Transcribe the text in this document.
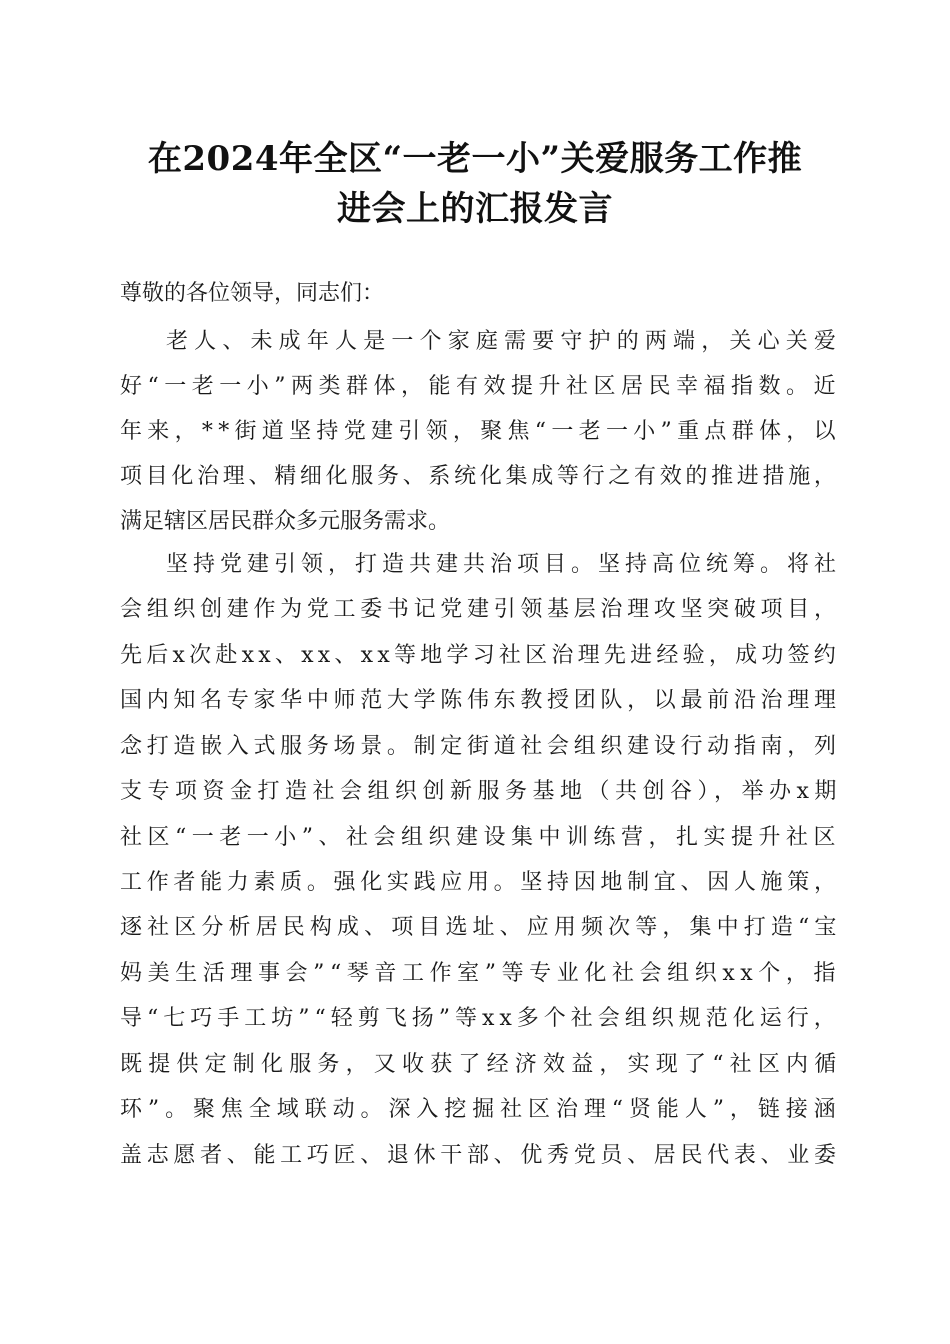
在2024年全区“一老一小”关爱服务工作推
进会上的汇报发言
尊敬的各位领导，同志们：
老人、未成年人是一个家庭需要守护的两端，关心关爱
好“一老一小”两类群体，能有效提升社区居民幸福指数。近
年来，**街道坚持党建引领，聚焦“一老一小”重点群体，以
项目化治理、精细化服务、系统化集成等行之有效的推进措施，
满足辖区居民群众多元服务需求。
坚持党建引领，打造共建共治项目。坚持高位统筹。将社
会组织创建作为党工委书记党建引领基层治理攻坚突破项目，
先后x次赴xx、xx、xx等地学习社区治理先进经验，成功签约
国内知名专家华中师范大学陈伟东教授团队，以最前沿治理理
念打造嵌入式服务场景。制定街道社会组织建设行动指南，列
支专项资金打造社会组织创新服务基地（共创谷），举办x期
社区“一老一小”、社会组织建设集中训练营，扎实提升社区
工作者能力素质。强化实践应用。坚持因地制宜、因人施策，
逐社区分析居民构成、项目选址、应用频次等，集中打造“宝
妈美生活理事会”“琴音工作室”等专业化社会组织xx个，指
导“七巧手工坊”“轻剪飞扬”等xx多个社会组织规范化运行，
既提供定制化服务，又收获了经济效益，实现了“社区内循
环”。聚焦全域联动。深入挖掘社区治理“贤能人”，链接涵
盖志愿者、能工巧匠、退休干部、优秀党员、居民代表、业委
